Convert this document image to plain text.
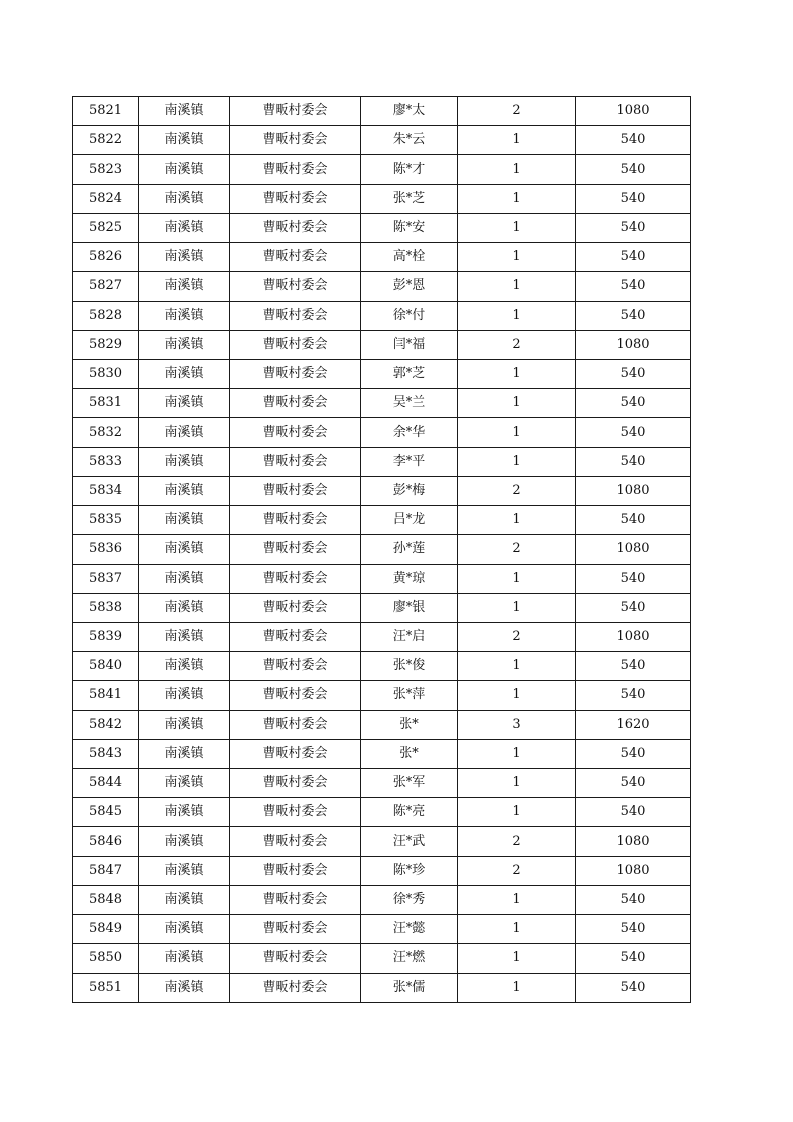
5821	南溪镇	曹畈村委会	廖*太	2	1080
5822	南溪镇	曹畈村委会	朱*云	1	540
5823	南溪镇	曹畈村委会	陈*才	1	540
5824	南溪镇	曹畈村委会	张*芝	1	540
5825	南溪镇	曹畈村委会	陈*安	1	540
5826	南溪镇	曹畈村委会	高*栓	1	540
5827	南溪镇	曹畈村委会	彭*恩	1	540
5828	南溪镇	曹畈村委会	徐*付	1	540
5829	南溪镇	曹畈村委会	闫*福	2	1080
5830	南溪镇	曹畈村委会	郭*芝	1	540
5831	南溪镇	曹畈村委会	吴*兰	1	540
5832	南溪镇	曹畈村委会	余*华	1	540
5833	南溪镇	曹畈村委会	李*平	1	540
5834	南溪镇	曹畈村委会	彭*梅	2	1080
5835	南溪镇	曹畈村委会	吕*龙	1	540
5836	南溪镇	曹畈村委会	孙*莲	2	1080
5837	南溪镇	曹畈村委会	黄*琼	1	540
5838	南溪镇	曹畈村委会	廖*银	1	540
5839	南溪镇	曹畈村委会	汪*启	2	1080
5840	南溪镇	曹畈村委会	张*俊	1	540
5841	南溪镇	曹畈村委会	张*萍	1	540
5842	南溪镇	曹畈村委会	张*	3	1620
5843	南溪镇	曹畈村委会	张*	1	540
5844	南溪镇	曹畈村委会	张*军	1	540
5845	南溪镇	曹畈村委会	陈*亮	1	540
5846	南溪镇	曹畈村委会	汪*武	2	1080
5847	南溪镇	曹畈村委会	陈*珍	2	1080
5848	南溪镇	曹畈村委会	徐*秀	1	540
5849	南溪镇	曹畈村委会	汪*懿	1	540
5850	南溪镇	曹畈村委会	汪*燃	1	540
5851	南溪镇	曹畈村委会	张*儒	1	540
